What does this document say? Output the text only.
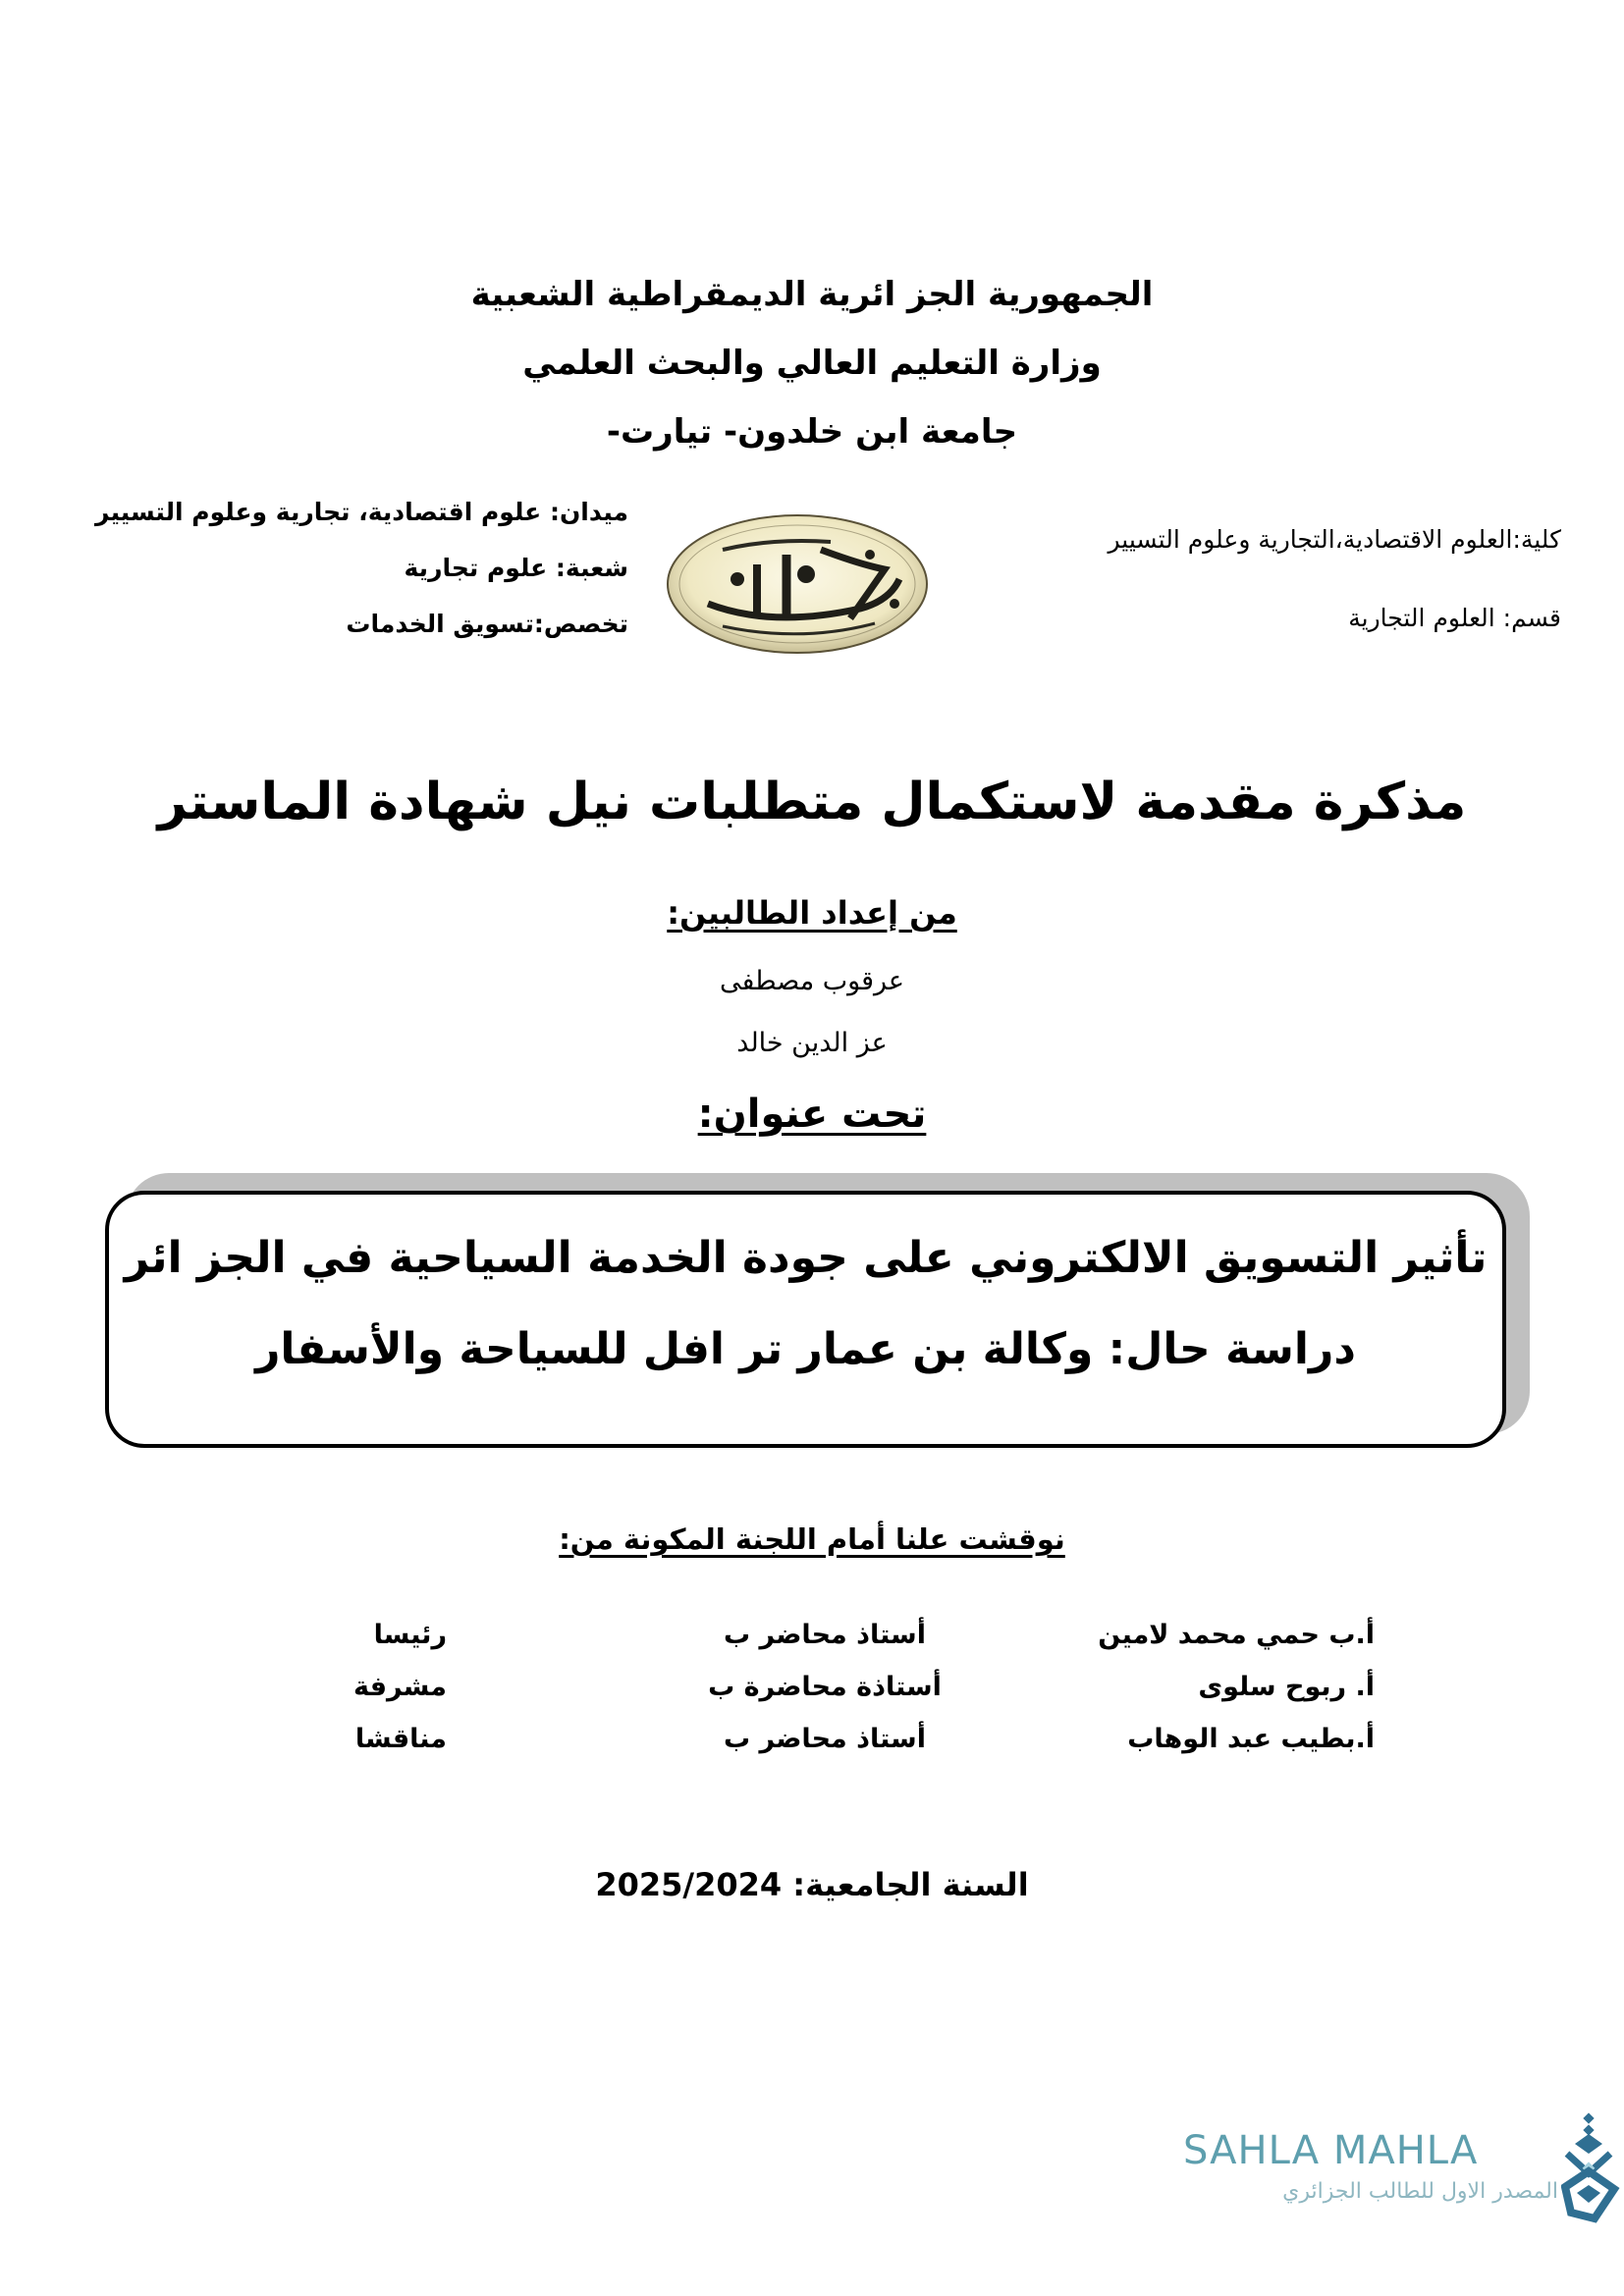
الجمهورية الجز ائرية الديمقراطية الشعبية
وزارة التعليم العالي والبحث العلمي
جامعة ابن خلدون- تيارت-
ميدان: علوم اقتصادية، تجارية وعلوم التسيير
شعبة: علوم تجارية
تخصص:تسويق الخدمات
كلية:العلوم الاقتصادية،التجارية وعلوم التسيير
قسم: العلوم التجارية
مذكرة مقدمة لاستكمال متطلبات نيل شهادة الماستر
من إعداد الطالبين:
عرقوب مصطفى
عز الدين خالد
تحت عنوان:
تأثير التسويق الالكتروني على جودة الخدمة السياحية في الجز ائر
دراسة حال: وكالة بن عمار تر افل للسياحة والأسفار
نوقشت علنا أمام اللجنة المكونة من:
أ.ب حمي محمد لامين
أستاذ محاضر ب
رئيسا
أ. ربوح سلوى
أستاذة محاضرة ب
مشرفة
أ.بطيب عبد الوهاب
أستاذ محاضر ب
مناقشا
السنة الجامعية: 2025/2024
SAHLA MAHLA
المصدر الاول للطالب الجزائري
